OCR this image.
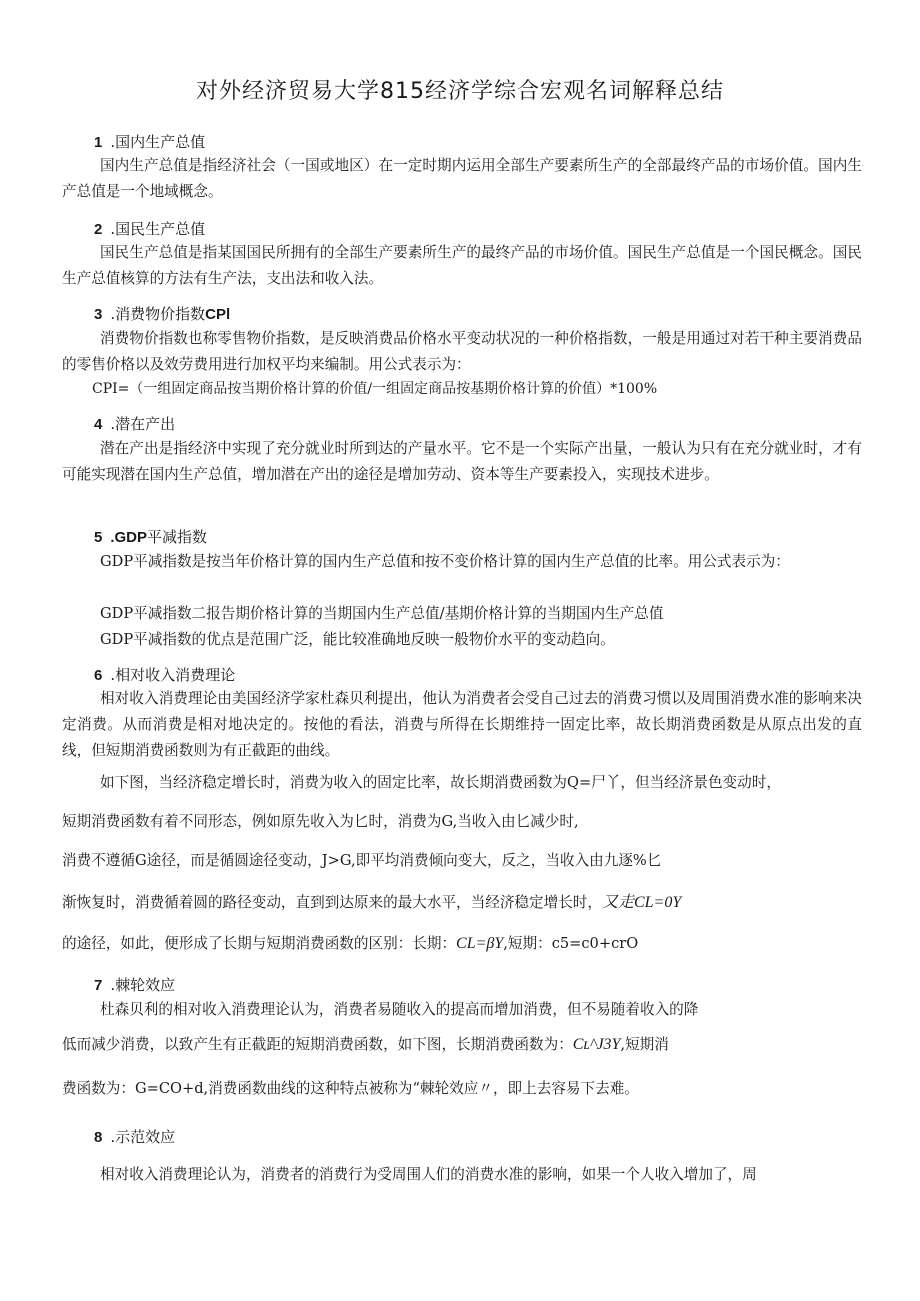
对外经济贸易大学815经济学综合宏观名词解释总结
1 .国内生产总值
国内生产总值是指经济社会（一国或地区）在一定时期内运用全部生产要素所生产的全部最终产品的市场价值。国内生产总值是一个地域概念。
2 .国民生产总值
国民生产总值是指某国国民所拥有的全部生产要素所生产的最终产品的市场价值。国民生产总值是一个国民概念。国民生产总值核算的方法有生产法，支出法和收入法。
3 .消费物价指数CPl
消费物价指数也称零售物价指数，是反映消费品价格水平变动状况的一种价格指数，一般是用通过对若干种主要消费品的零售价格以及效劳费用进行加权平均来编制。用公式表示为：
CPI=（一组固定商品按当期价格计算的价值/一组固定商品按基期价格计算的价值）*100%
4 .潜在产出
潜在产出是指经济中实现了充分就业时所到达的产量水平。它不是一个实际产出量，一般认为只有在充分就业时，才有可能实现潜在国内生产总值，增加潜在产出的途径是增加劳动、资本等生产要素投入，实现技术进步。
5 .GDP平减指数
GDP平减指数是按当年价格计算的国内生产总值和按不变价格计算的国内生产总值的比率。用公式表示为：
GDP平减指数二报告期价格计算的当期国内生产总值/基期价格计算的当期国内生产总值
GDP平减指数的优点是范围广泛，能比较准确地反映一般物价水平的变动趋向。
6 .相对收入消费理论
相对收入消费理论由美国经济学家杜森贝利提出，他认为消费者会受自己过去的消费习惯以及周围消费水准的影响来决定消费。从而消费是相对地决定的。按他的看法，消费与所得在长期维持一固定比率，故长期消费函数是从原点出发的直线，但短期消费函数则为有正截距的曲线。
如下图，当经济稳定增长时，消费为收入的固定比率，故长期消费函数为Q=尸丫，但当经济景色变动时，
短期消费函数有着不同形态，例如原先收入为匕时，消费为G,当收入由匕减少时,
消费不遵循G途径，而是循圆途径变动，J>G,即平均消费倾向变大，反之，当收入由九逐%匕
渐恢复时，消费循着圆的路径变动，直到到达原来的最大水平，当经济稳定增长时，又走CL=0Y
的途径，如此，便形成了长期与短期消费函数的区别：长期：CL=βY,短期：c5=c0+crO
7 .棘轮效应
杜森贝利的相对收入消费理论认为，消费者易随收入的提高而增加消费，但不易随着收入的降
低而减少消费，以致产生有正截距的短期消费函数，如下图，长期消费函数为：Cʟ^J3Y,短期消
费函数为：G=CO+d,消费函数曲线的这种特点被称为“棘轮效应〃，即上去容易下去难。
8 .示范效应
相对收入消费理论认为，消费者的消费行为受周围人们的消费水准的影响，如果一个人收入增加了，周
